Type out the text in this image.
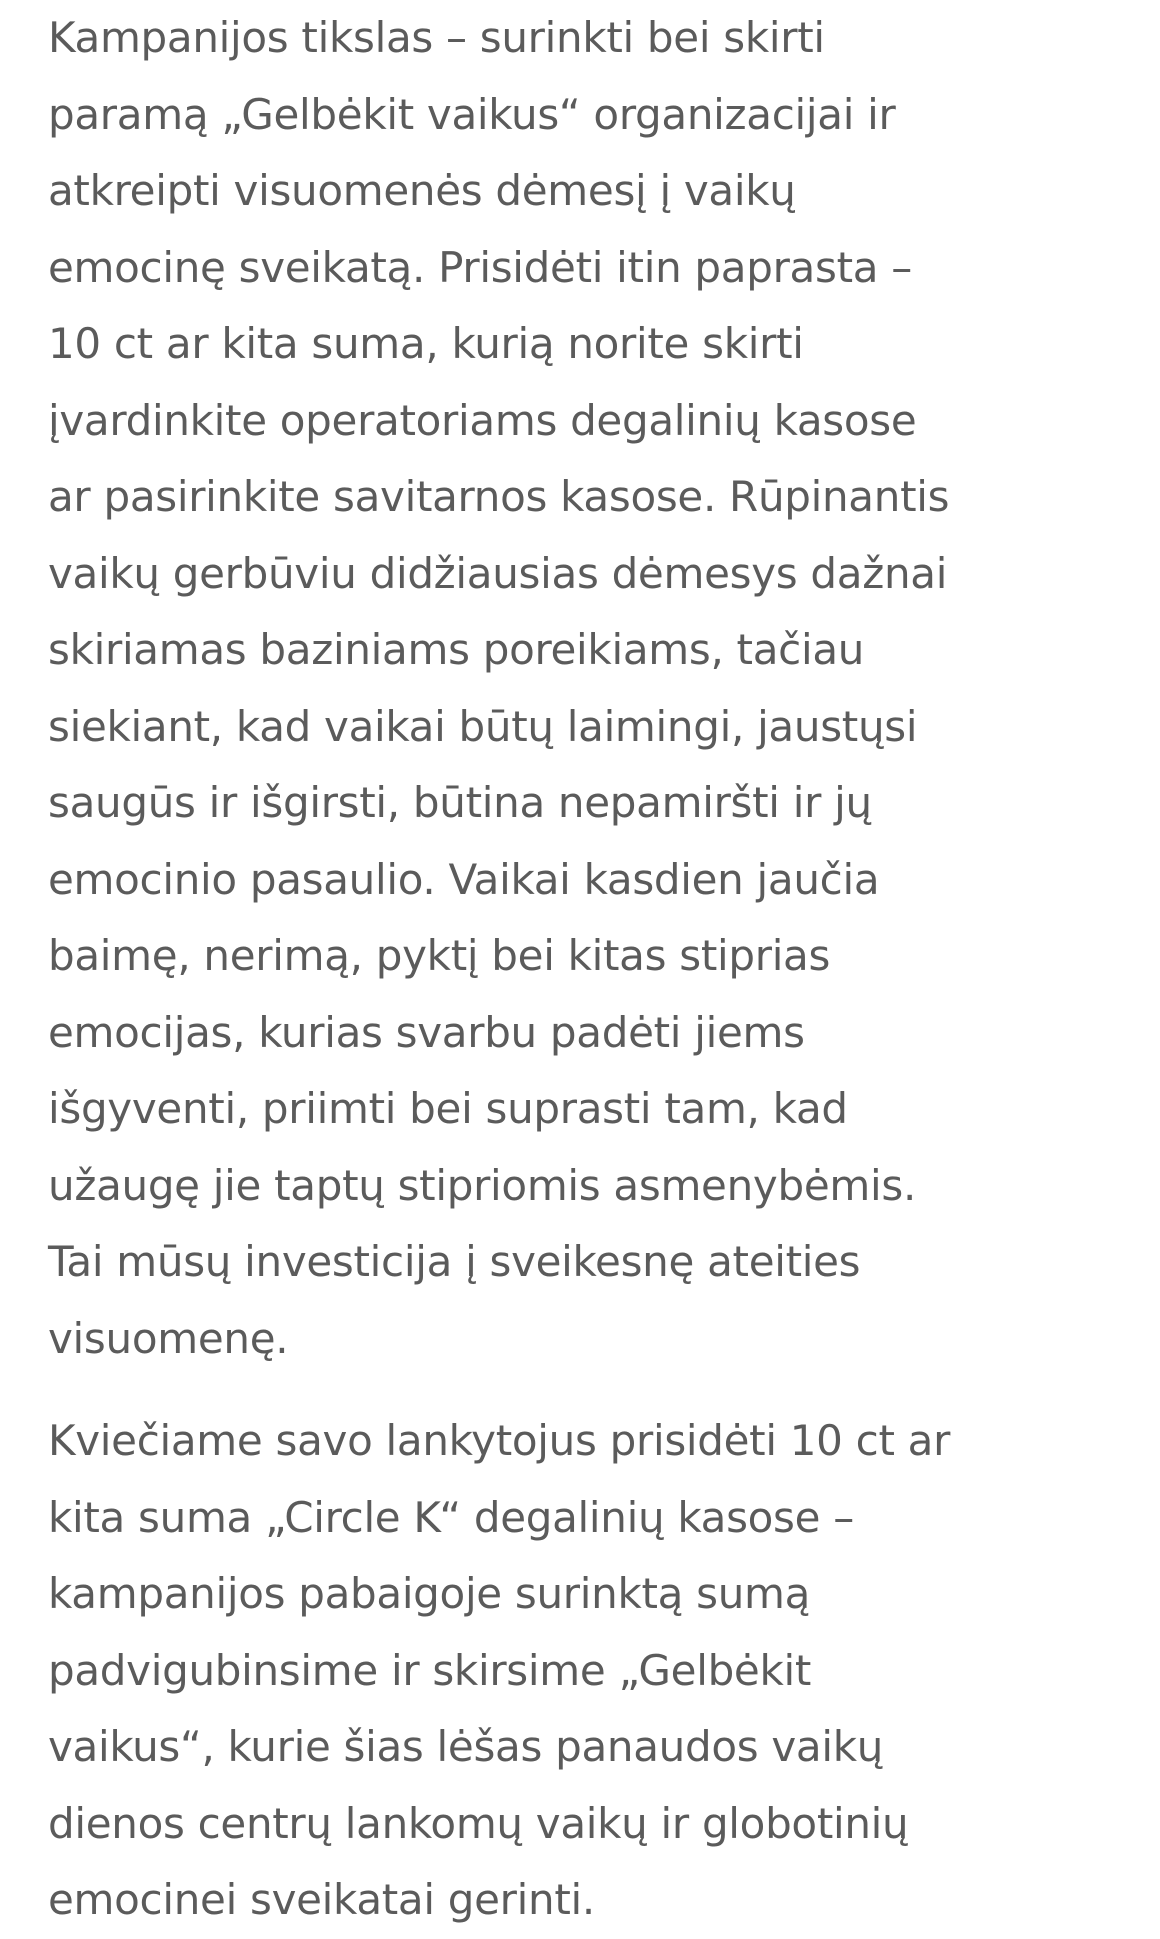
Kampanijos tikslas – surinkti bei skirti
paramą „Gelbėkit vaikus“ organizacijai ir
atkreipti visuomenės dėmesį į vaikų
emocinę sveikatą. Prisidėti itin paprasta –
10 ct ar kita suma, kurią norite skirti
įvardinkite operatoriams degalinių kasose
ar pasirinkite savitarnos kasose. Rūpinantis
vaikų gerbūviu didžiausias dėmesys dažnai
skiriamas baziniams poreikiams, tačiau
siekiant, kad vaikai būtų laimingi, jaustųsi
saugūs ir išgirsti, būtina nepamiršti ir jų
emocinio pasaulio. Vaikai kasdien jaučia
baimę, nerimą, pyktį bei kitas stiprias
emocijas, kurias svarbu padėti jiems
išgyventi, priimti bei suprasti tam, kad
užaugę jie taptų stipriomis asmenybėmis.
Tai mūsų investicija į sveikesnę ateities
visuomenę.

Kviečiame savo lankytojus prisidėti 10 ct ar
kita suma „Circle K“ degalinių kasose –
kampanijos pabaigoje surinktą sumą
padvigubinsime ir skirsime „Gelbėkit
vaikus“, kurie šias lėšas panaudos vaikų
dienos centrų lankomų vaikų ir globotinių
emocinei sveikatai gerinti.
